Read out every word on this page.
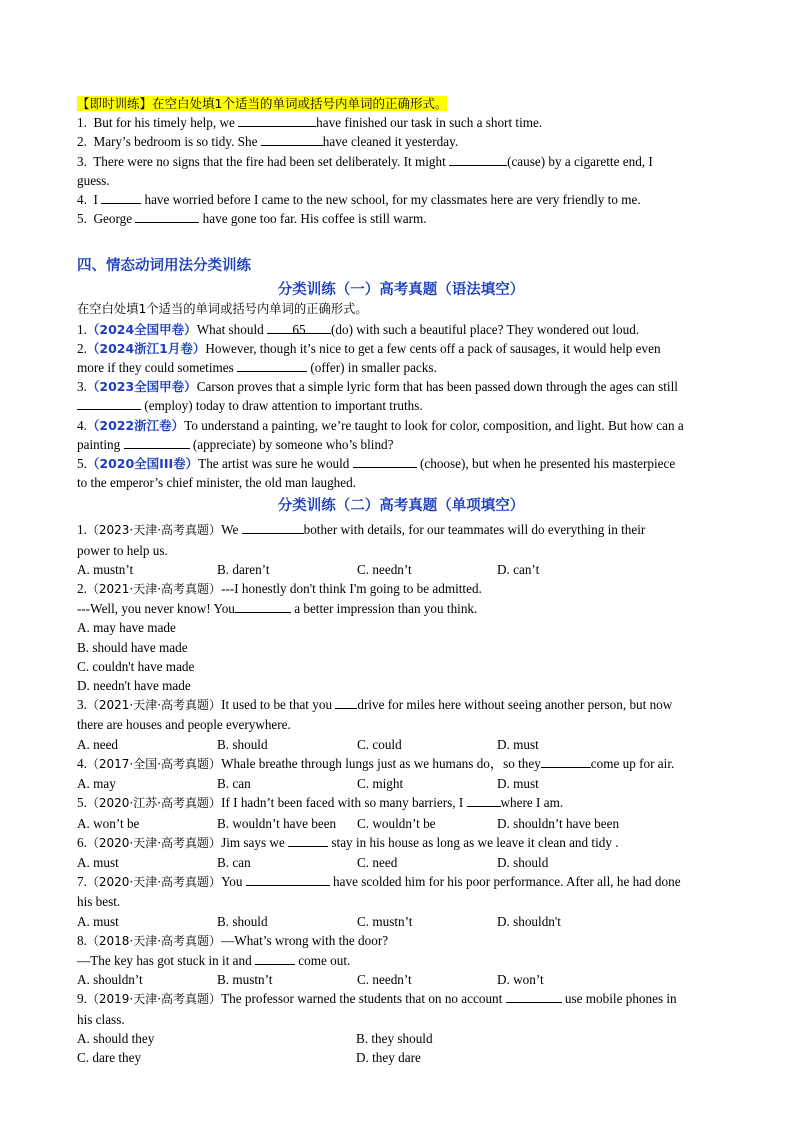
【即时训练】在空白处填1个适当的单词或括号内单词的正确形式。
1. But for his timely help, we	have finished our task in such a short time.
2. Mary’s bedroom is so tidy. She	have cleaned it yesterday.
3. There were no signs that the fire had been set deliberately. It might	(cause) by a cigarette end, I
guess.
4. I	have worried before I came to the new school, for my classmates here are very friendly to me.
5. George	have gone too far. His coffee is still warm.
四、情态动词用法分类训练
分类训练（一）高考真题（语法填空）
在空白处填1个适当的单词或括号内单词的正确形式。
1.（2024全国甲卷）What should 65 (do) with such a beautiful place? They wondered out loud.
2.（2024浙江1月卷）However, though it’s nice to get a few cents off a pack of sausages, it would help even
more if they could sometimes	(offer) in smaller packs.
3.（2023全国甲卷）Carson proves that a simple lyric form that has been passed down through the ages can still
(employ) today to draw attention to important truths.
4.（2022浙江卷）To understand a painting, we’re taught to look for color, composition, and light. But how can a
painting	(appreciate) by someone who’s blind?
5.（2020全国III卷）The artist was sure he would	(choose), but when he presented his masterpiece
to the emperor’s chief minister, the old man laughed.
分类训练（二）高考真题（单项填空）
1.（2023·天津·高考真题）We	bother with details, for our teammates will do everything in their
power to help us.
A. mustn’t	B. daren’t	C. needn’t	D. can’t
2.（2021·天津·高考真题）---I honestly don't think I'm going to be admitted.
---Well, you never know! You	a better impression than you think.
A. may have made
B. should have made
C. couldn't have made
D. needn't have made
3.（2021·天津·高考真题）It used to be that you drive for miles here without seeing another person, but now
there are houses and people everywhere.
A. need	B. should	C. could	D. must
4.（2017·全国·高考真题）Whale breathe through lungs just as we humans do，so they	come up for air.
A. may	B. can	C. might	D. must
5.（2020·江苏·高考真题）If I hadn’t been faced with so many barriers, I	where I am.
A. won’t be	B. wouldn’t have been	C. wouldn’t be	D. shouldn’t have been
6.（2020·天津·高考真题）Jim says we	stay in his house as long as we leave it clean and tidy .
A. must	B. can	C. need	D. should
7.（2020·天津·高考真题）You	have scolded him for his poor performance. After all, he had done
his best.
A. must	B. should	C. mustn’t	D. shouldn't
8.（2018·天津·高考真题）—What’s wrong with the door?
—The key has got stuck in it and	come out.
A. shouldn’t	B. mustn’t	C. needn’t	D. won’t
9.（2019·天津·高考真题）The professor warned the students that on no account	use mobile phones in
his class.
A. should they	B. they should
C. dare they	D. they dare
